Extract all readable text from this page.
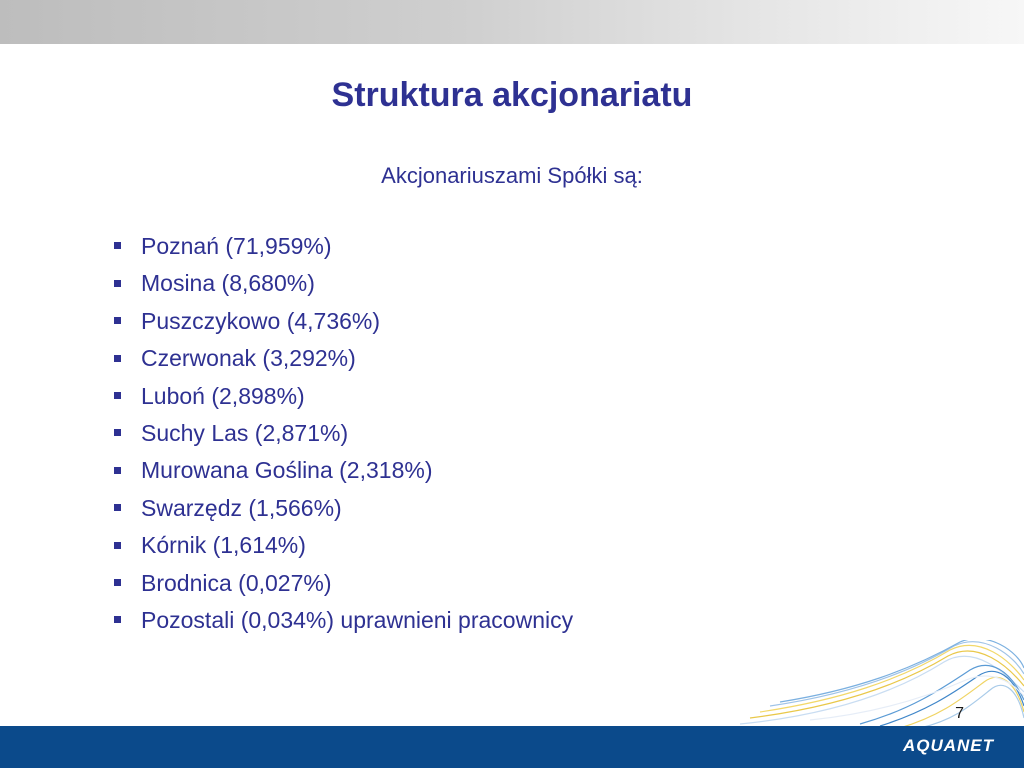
Struktura akcjonariatu
Akcjonariuszami Spółki są:
Poznań (71,959%)
Mosina (8,680%)
Puszczykowo (4,736%)
Czerwonak (3,292%)
Luboń (2,898%)
Suchy Las (2,871%)
Murowana Goślina (2,318%)
Swarzędz (1,566%)
Kórnik (1,614%)
Brodnica (0,027%)
Pozostali (0,034%) uprawnieni pracownicy
7
AQUANET
